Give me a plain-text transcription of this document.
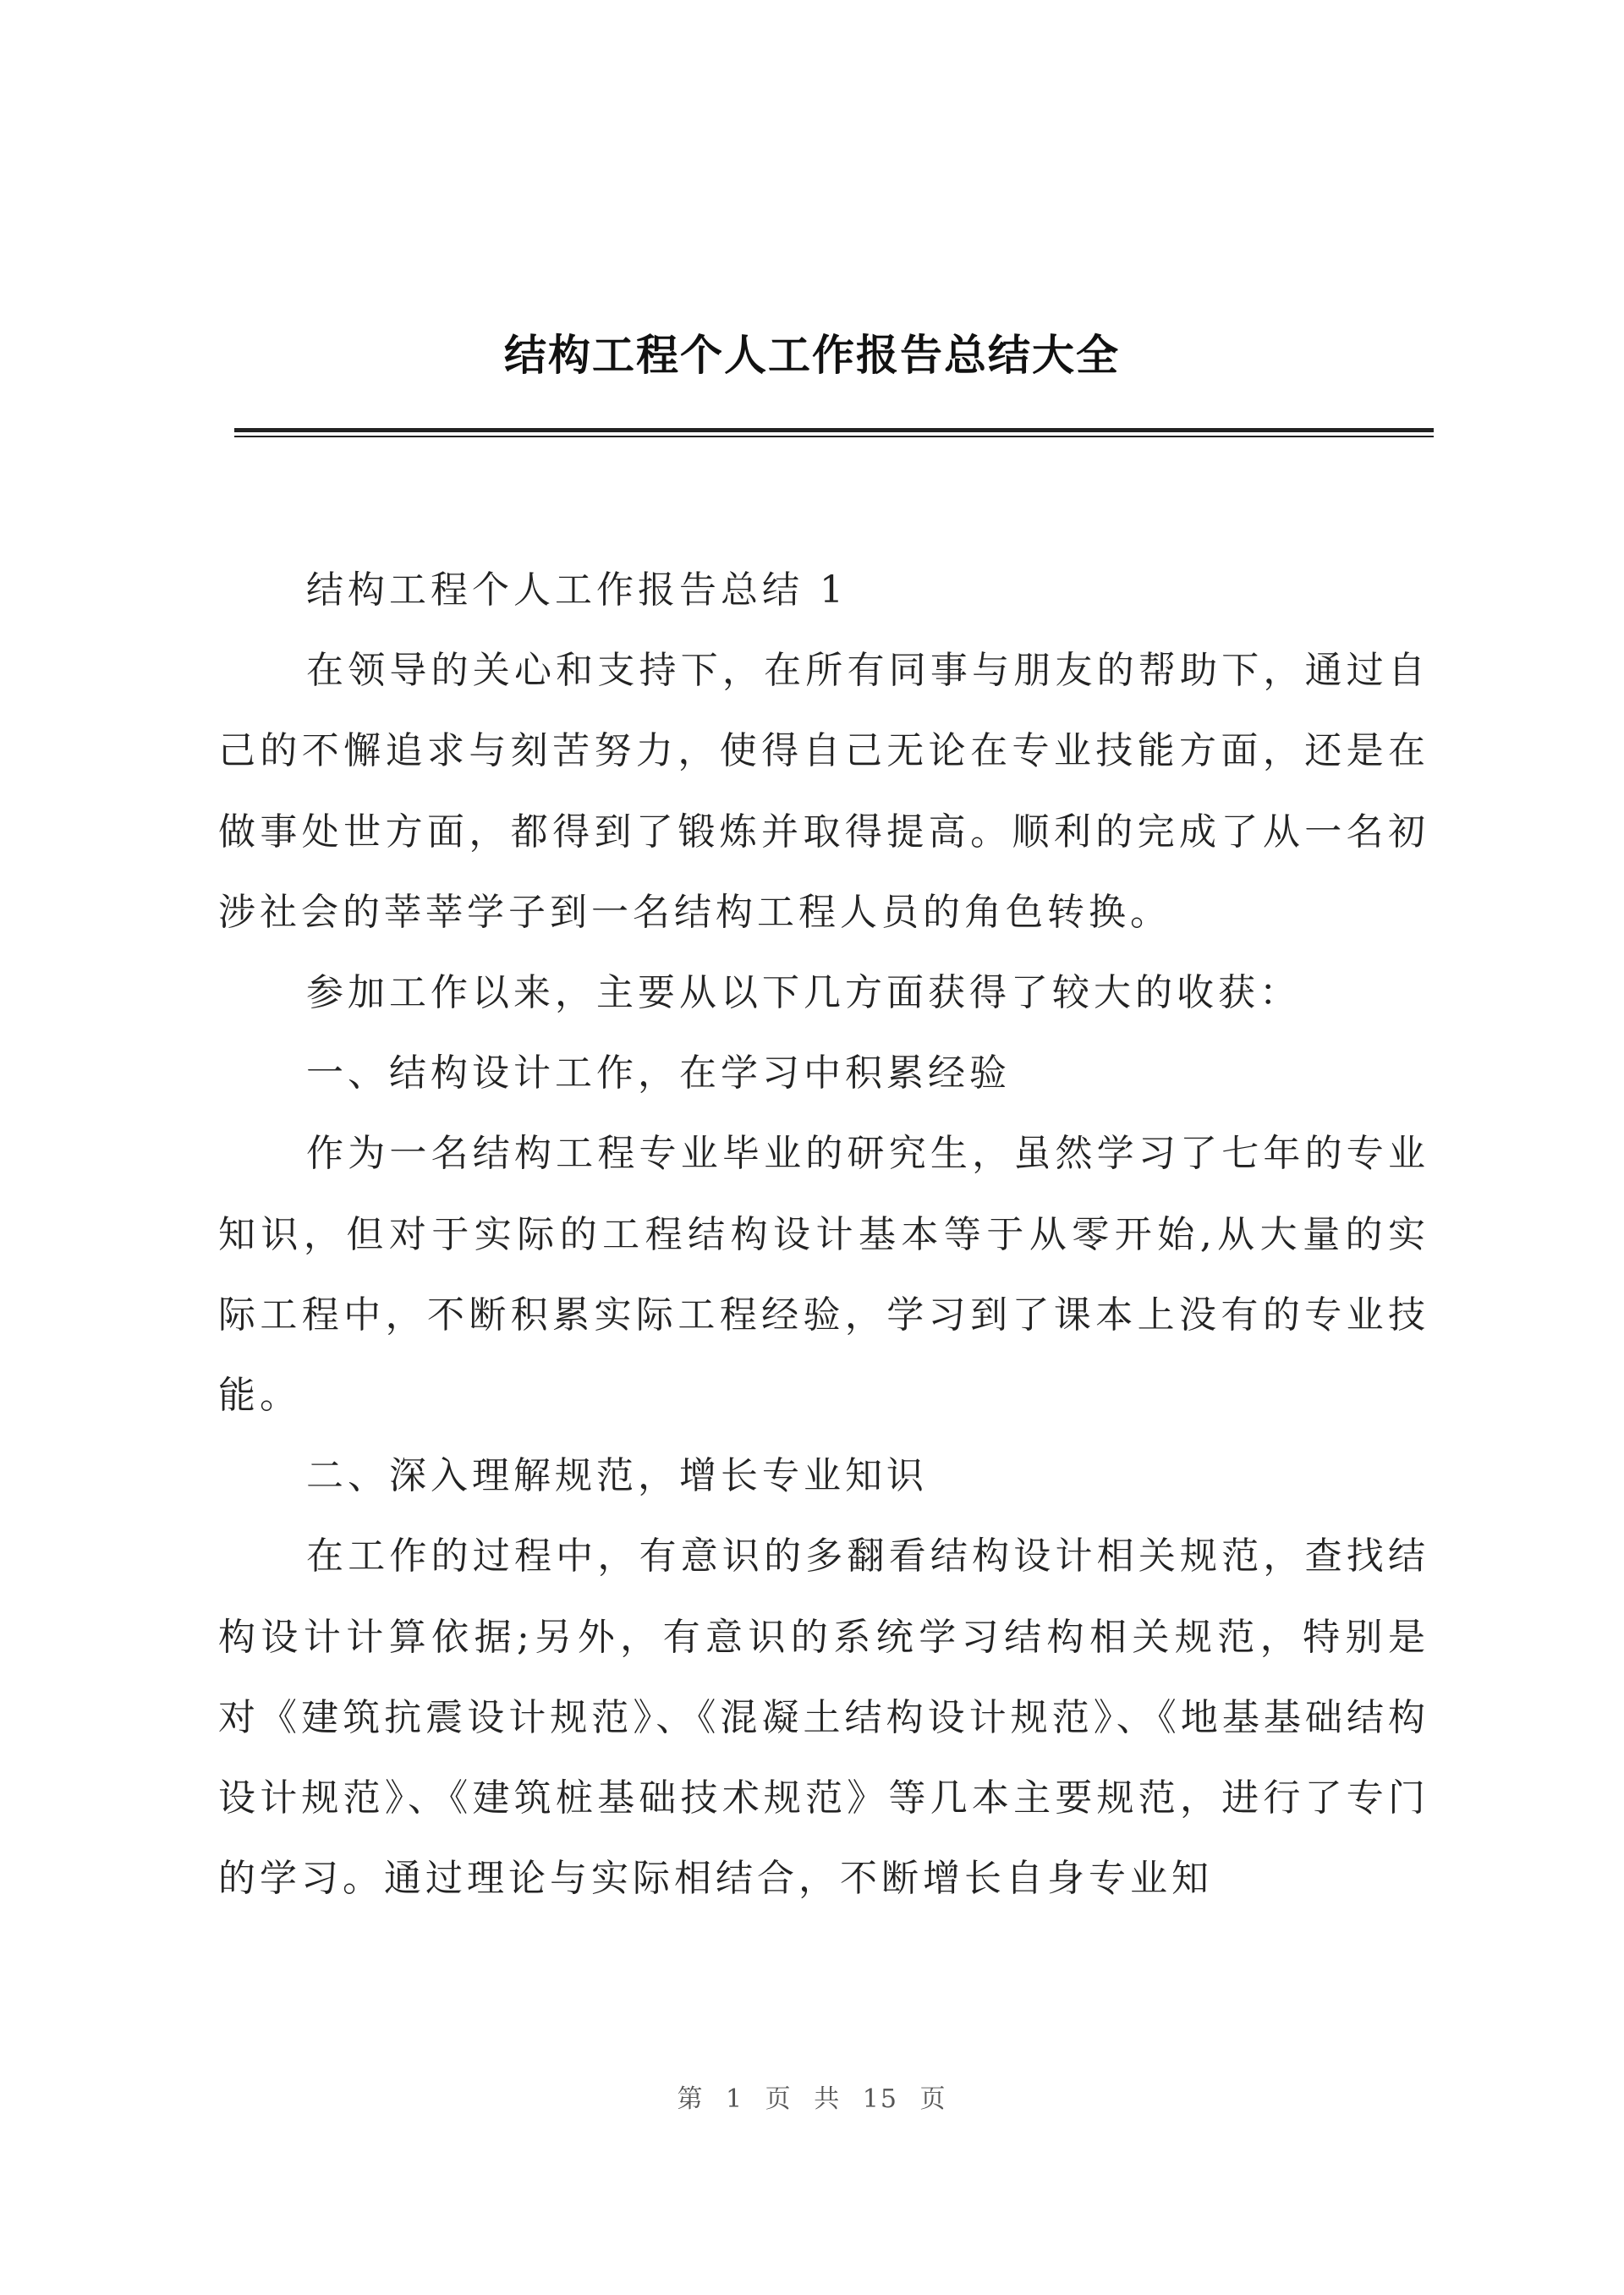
结构工程个人工作报告总结大全

结构工程个人工作报告总结 1

在领导的关心和支持下，在所有同事与朋友的帮助下，通过自己的不懈追求与刻苦努力，使得自己无论在专业技能方面，还是在做事处世方面，都得到了锻炼并取得提高。顺利的完成了从一名初涉社会的莘莘学子到一名结构工程人员的角色转换。

参加工作以来，主要从以下几方面获得了较大的收获：

一、结构设计工作，在学习中积累经验

作为一名结构工程专业毕业的研究生，虽然学习了七年的专业知识，但对于实际的工程结构设计基本等于从零开始,从大量的实际工程中，不断积累实际工程经验，学习到了课本上没有的专业技能。

二、深入理解规范，增长专业知识

在工作的过程中，有意识的多翻看结构设计相关规范，查找结构设计计算依据;另外，有意识的系统学习结构相关规范，特别是对《建筑抗震设计规范》、《混凝土结构设计规范》、《地基基础结构设计规范》、《建筑桩基础技术规范》等几本主要规范，进行了专门的学习。通过理论与实际相结合，不断增长自身专业知

第 1 页 共 15 页
